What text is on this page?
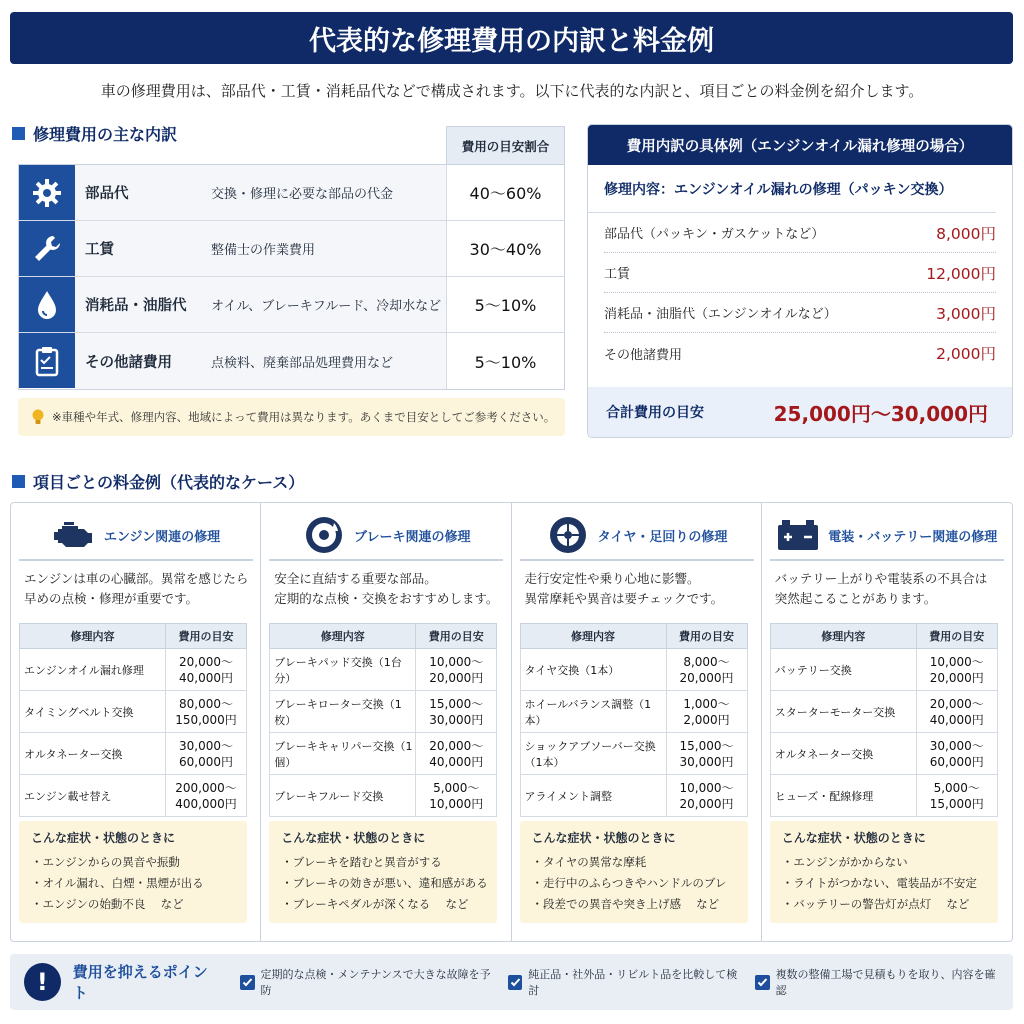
代表的な修理費用の内訳と料金例
車の修理費用は、部品代・工賃・消耗品代などで構成されます。以下に代表的な内訳と、項目ごとの料金例を紹介します。
修理費用の主な内訳
費用の目安割合
部品代	交換・修理に必要な部品の代金	40〜60%
工賃	整備士の作業費用	30〜40%
消耗品・油脂代	オイル、ブレーキフルード、冷却水など	5〜10%
その他諸費用	点検料、廃棄部品処理費用など	5〜10%
※車種や年式、修理内容、地域によって費用は異なります。あくまで目安としてご参考ください。
費用内訳の具体例（エンジンオイル漏れ修理の場合）
修理内容：エンジンオイル漏れの修理（パッキン交換）
部品代（パッキン・ガスケットなど）	8,000円
工賃	12,000円
消耗品・油脂代（エンジンオイルなど）	3,000円
その他諸費用	2,000円
合計費用の目安	25,000円〜30,000円
項目ごとの料金例（代表的なケース）
エンジン関連の修理
エンジンは車の心臓部。異常を感じたら
早めの点検・修理が重要です。
修理内容	費用の目安
エンジンオイル漏れ修理	20,000〜
40,000円

タイミングベルト交換	80,000〜
150,000円

オルタネーター交換	30,000〜
60,000円

エンジン載せ替え	200,000〜
400,000円
こんな症状・状態のときに
・エンジンからの異音や振動
・オイル漏れ、白煙・黒煙が出る
・エンジンの始動不良　 など
ブレーキ関連の修理
安全に直結する重要な部品。
定期的な点検・交換をおすすめします。
修理内容	費用の目安
ブレーキパッド交換（1台分）	10,000〜
20,000円

ブレーキローター交換（1枚）	15,000〜
30,000円

ブレーキキャリパー交換（1個）	20,000〜
40,000円

ブレーキフルード交換	5,000〜
10,000円
こんな症状・状態のときに
・ブレーキを踏むと異音がする
・ブレーキの効きが悪い、違和感がある
・ブレーキペダルが深くなる　 など
タイヤ・足回りの修理
走行安定性や乗り心地に影響。
異常摩耗や異音は要チェックです。
修理内容	費用の目安
タイヤ交換（1本）	8,000〜
20,000円

ホイールバランス調整（1本）	1,000〜
2,000円

ショックアブソーバー交換（1本）	15,000〜
30,000円

アライメント調整	10,000〜
20,000円
こんな症状・状態のときに
・タイヤの異常な摩耗
・走行中のふらつきやハンドルのブレ
・段差での異音や突き上げ感　 など
電装・バッテリー関連の修理
バッテリー上がりや電装系の不具合は
突然起こることがあります。
修理内容	費用の目安
バッテリー交換	10,000〜
20,000円

スターターモーター交換	20,000〜
40,000円

オルタネーター交換	30,000〜
60,000円

ヒューズ・配線修理	5,000〜
15,000円
こんな症状・状態のときに
・エンジンがかからない
・ライトがつかない、電装品が不安定
・バッテリーの警告灯が点灯　 など
!	費用を抑えるポイント
定期的な点検・メンテナンスで大きな故障を予防
純正品・社外品・リビルト品を比較して検討
複数の整備工場で見積もりを取り、内容を確認
